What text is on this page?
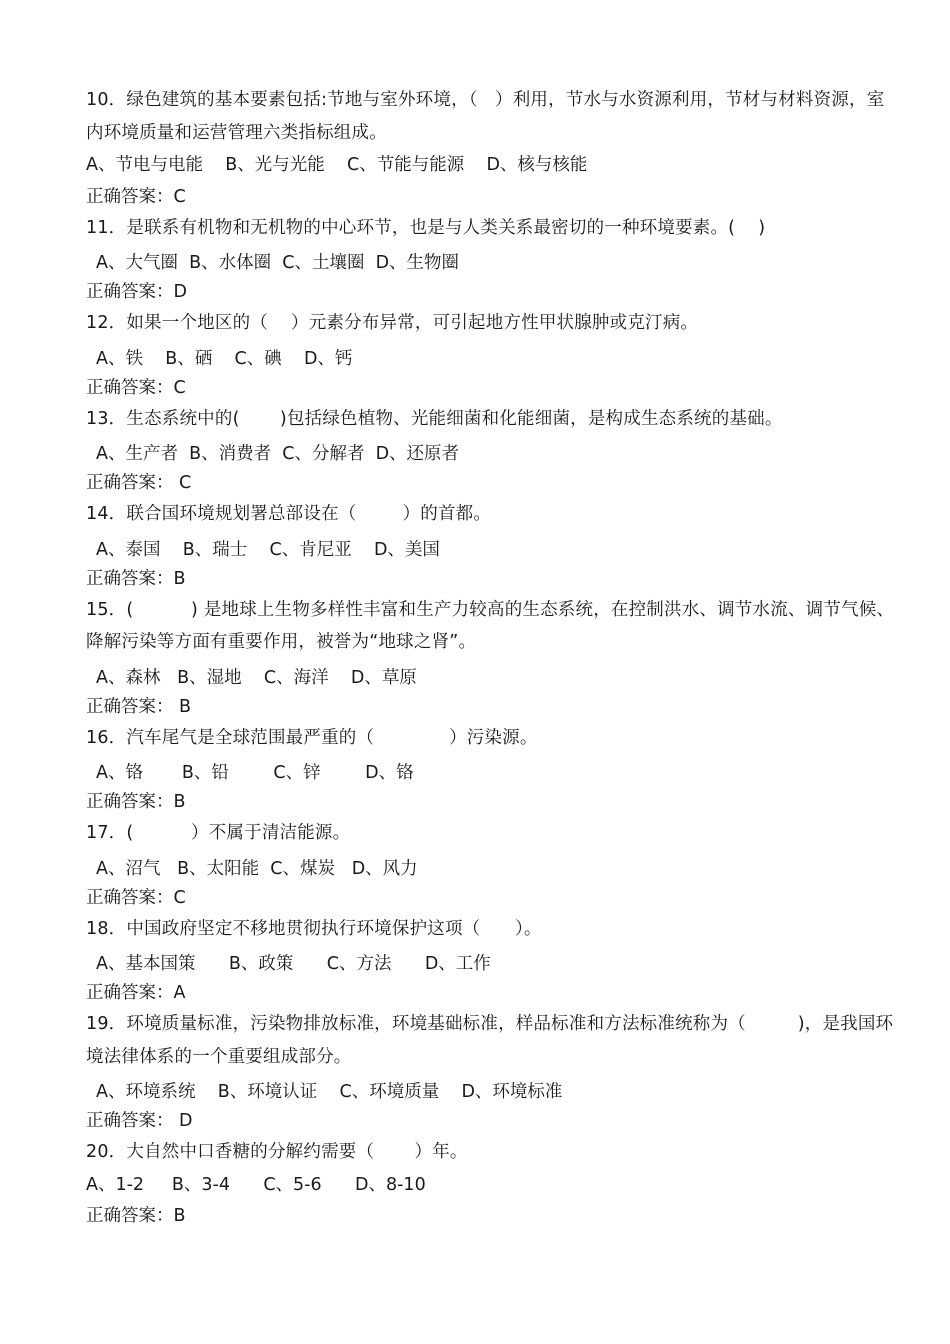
10．绿色建筑的基本要素包括:节地与室外环境，（   ）利用，节水与水资源利用，节材与材料资源，室内环境质量和运营管理六类指标组成。

A、节电与电能    B、光与光能    C、节能与能源    D、核与核能

正确答案：C

11．是联系有机物和无机物的中心环节，也是与人类关系最密切的一种环境要素。(    )

A、大气圈  B、水体圈  C、土壤圈  D、生物圈

正确答案：D

12．如果一个地区的（    ）元素分布异常，可引起地方性甲状腺肿或克汀病。

A、铁    B、硒    C、碘    D、钙

正确答案：C

13．生态系统中的(       )包括绿色植物、光能细菌和化能细菌，是构成生态系统的基础。

A、生产者  B、消费者  C、分解者  D、还原者

正确答案： C

14．联合国环境规划署总部设在（        ）的首都。

A、泰国    B、瑞士    C、肯尼亚    D、美国

正确答案：B

15．(          ) 是地球上生物多样性丰富和生产力较高的生态系统，在控制洪水、调节水流、调节气候、降解污染等方面有重要作用，被誉为“地球之肾”。

A、森林   B、湿地    C、海洋    D、草原

正确答案： B

16．汽车尾气是全球范围最严重的（             ）污染源。

A、铬       B、铅        C、锌        D、铬

正确答案：B

17．(          ）不属于清洁能源。

A、沼气   B、太阳能  C、煤炭   D、风力

正确答案：C

18．中国政府坚定不移地贯彻执行环境保护这项（      ）。

A、基本国策      B、政策      C、方法      D、工作

正确答案：A

19．环境质量标准，污染物排放标准，环境基础标准，样品标准和方法标准统称为（         )，是我国环境法律体系的一个重要组成部分。

A、环境系统    B、环境认证    C、环境质量    D、环境标准

正确答案： D

20．大自然中口香糖的分解约需要（       ）年。

A、1-2     B、3-4      C、5-6      D、8-10

正确答案：B
